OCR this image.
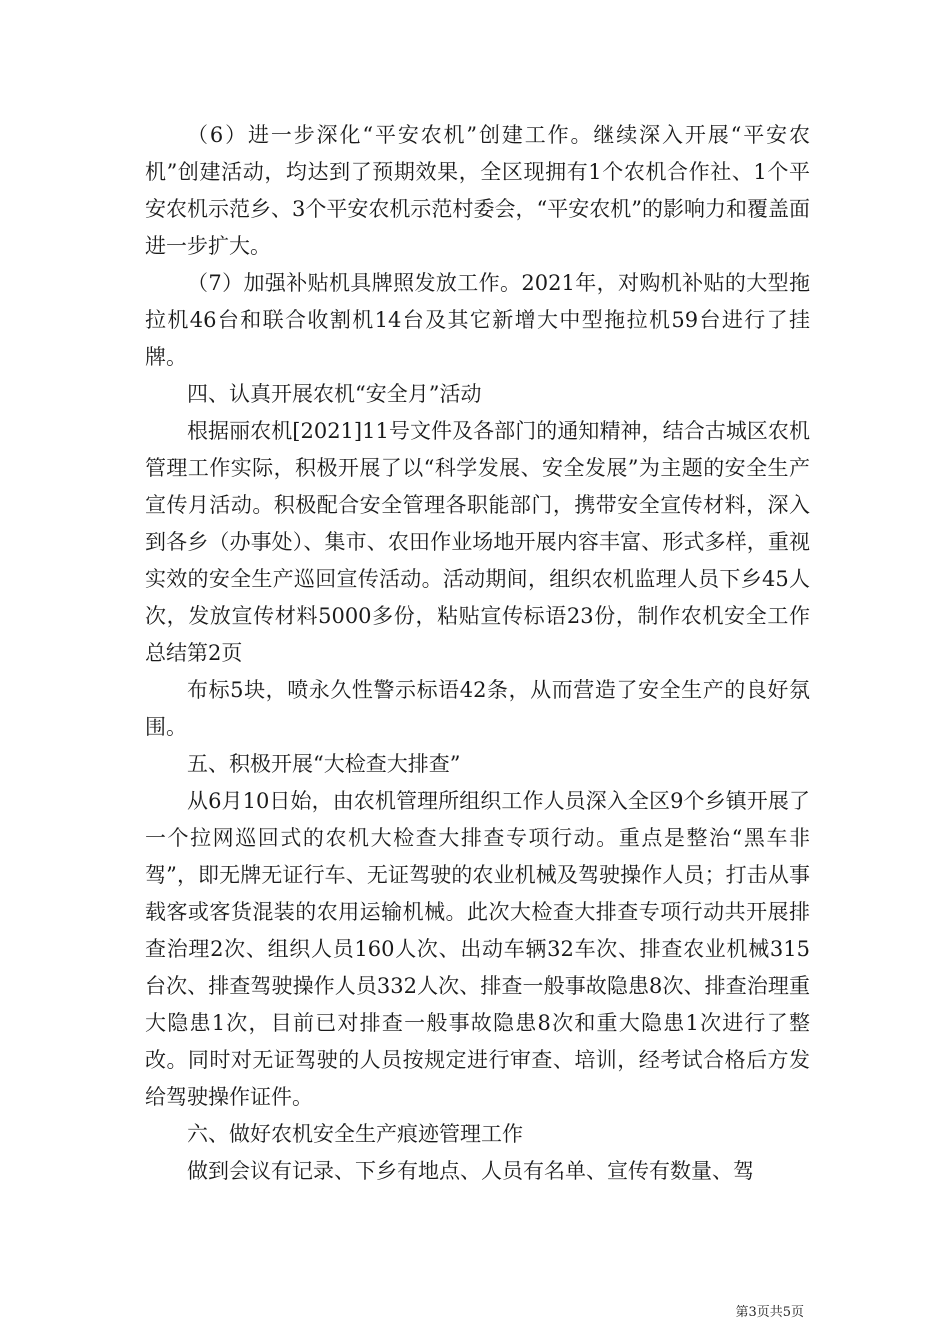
（6）进一步深化“平安农机”创建工作。继续深入开展“平安农机”创建活动，均达到了预期效果，全区现拥有1个农机合作社、1个平安农机示范乡、3个平安农机示范村委会，“平安农机”的影响力和覆盖面进一步扩大。

（7）加强补贴机具牌照发放工作。2021年，对购机补贴的大型拖拉机46台和联合收割机14台及其它新增大中型拖拉机59台进行了挂牌。

四、认真开展农机“安全月”活动

根据丽农机[2021]11号文件及各部门的通知精神，结合古城区农机管理工作实际，积极开展了以“科学发展、安全发展”为主题的安全生产宣传月活动。积极配合安全管理各职能部门，携带安全宣传材料，深入到各乡（办事处）、集市、农田作业场地开展内容丰富、形式多样，重视实效的安全生产巡回宣传活动。活动期间，组织农机监理人员下乡45人次，发放宣传材料5000多份，粘贴宣传标语23份，制作农机安全工作总结第2页

布标5块，喷永久性警示标语42条，从而营造了安全生产的良好氛围。

五、积极开展“大检查大排查”

从6月10日始，由农机管理所组织工作人员深入全区9个乡镇开展了一个拉网巡回式的农机大检查大排查专项行动。重点是整治“黑车非驾”，即无牌无证行车、无证驾驶的农业机械及驾驶操作人员；打击从事载客或客货混装的农用运输机械。此次大检查大排查专项行动共开展排查治理2次、组织人员160人次、出动车辆32车次、排查农业机械315台次、排查驾驶操作人员332人次、排查一般事故隐患8次、排查治理重大隐患1次，目前已对排查一般事故隐患8次和重大隐患1次进行了整改。同时对无证驾驶的人员按规定进行审查、培训，经考试合格后方发给驾驶操作证件。

六、做好农机安全生产痕迹管理工作

做到会议有记录、下乡有地点、人员有名单、宣传有数量、驾

第3页共5页
